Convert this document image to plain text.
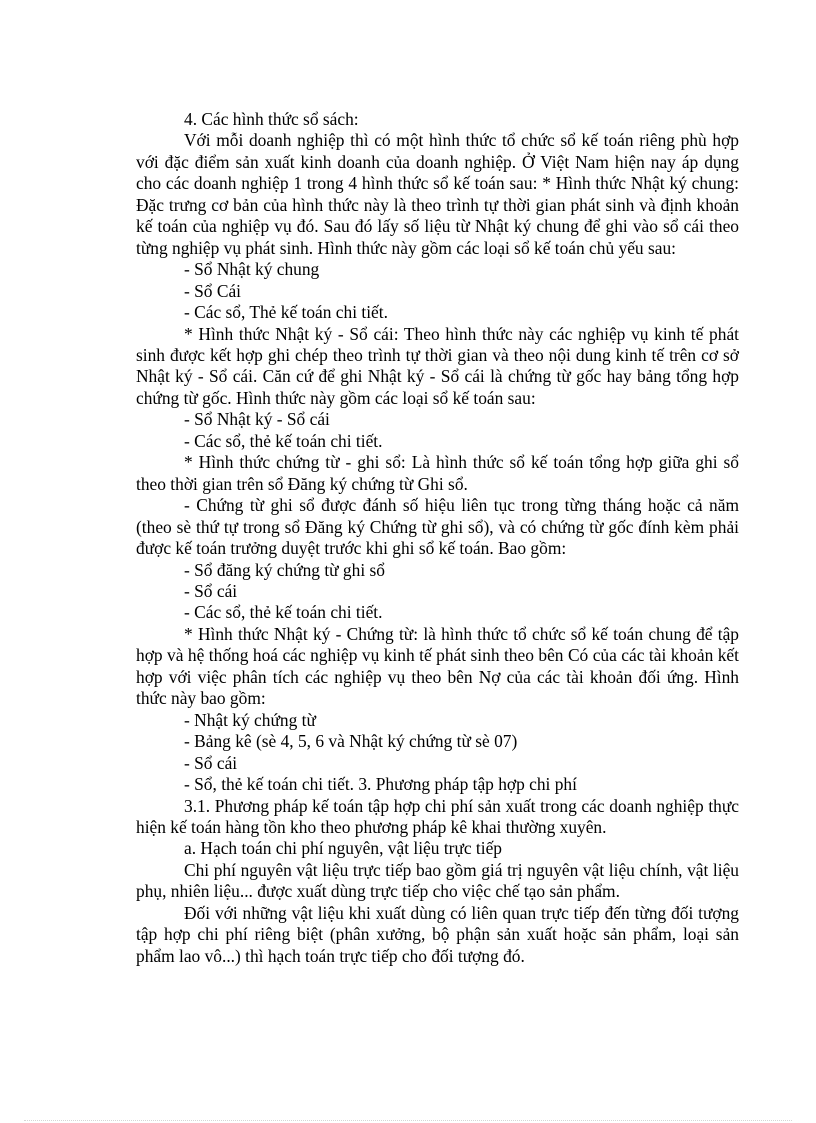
4. Các hình thức sổ sách:

Với mỗi doanh nghiệp thì có một hình thức tổ chức sổ kế toán riêng phù hợp với đặc điểm sản xuất kinh doanh của doanh nghiệp. Ở Việt Nam hiện nay áp dụng cho các doanh nghiệp 1 trong 4 hình thức sổ kế toán sau: * Hình thức Nhật ký chung: Đặc trưng cơ bản của hình thức này là theo trình tự thời gian phát sinh và định khoản kế toán của nghiệp vụ đó. Sau đó lấy số liệu từ Nhật ký chung để ghi vào sổ cái theo từng nghiệp vụ phát sinh. Hình thức này gồm các loại sổ kế toán chủ yếu sau:

- Sổ Nhật ký chung

- Sổ Cái

- Các sổ, Thẻ kế toán chi tiết.

* Hình thức Nhật ký - Sổ cái: Theo hình thức này các nghiệp vụ kinh tế phát sinh được kết hợp ghi chép theo trình tự thời gian và theo nội dung kinh tế trên cơ sở Nhật ký - Sổ cái. Căn cứ để ghi Nhật ký - Sổ cái là chứng từ gốc hay bảng tổng hợp chứng từ gốc. Hình thức này gồm các loại sổ kế toán sau:

- Sổ Nhật ký - Sổ cái

- Các sổ, thẻ kế toán chi tiết.

* Hình thức chứng từ - ghi sổ: Là hình thức sổ kế toán tổng hợp giữa ghi sổ theo thời gian trên sổ Đăng ký chứng từ Ghi sổ.

- Chứng từ ghi sổ được đánh số hiệu liên tục trong từng tháng hoặc cả năm (theo sè thứ tự trong sổ Đăng ký Chứng từ ghi sổ), và có chứng từ gốc đính kèm phải được kế toán trưởng duyệt trước khi ghi sổ kế toán. Bao gồm:

- Sổ đăng ký chứng từ ghi sổ

- Sổ cái

- Các sổ, thẻ kế toán chi tiết.

* Hình thức Nhật ký - Chứng từ: là hình thức tổ chức sổ kế toán chung để tập hợp và hệ thống hoá các nghiệp vụ kinh tế phát sinh theo bên Có của các tài khoản kết hợp với việc phân tích các nghiệp vụ theo bên Nợ của các tài khoản đối ứng. Hình thức này bao gồm:

- Nhật ký chứng từ

- Bảng kê (sè 4, 5, 6 và Nhật ký chứng từ sè 07)

- Sổ cái

- Sổ, thẻ kế toán chi tiết. 3. Phương pháp tập hợp chi phí

3.1. Phương pháp kế toán tập hợp chi phí sản xuất trong các doanh nghiệp thực hiện kế toán hàng tồn kho theo phương pháp kê khai thường xuyên.

a. Hạch toán chi phí nguyên, vật liệu trực tiếp

Chi phí nguyên vật liệu trực tiếp bao gồm giá trị nguyên vật liệu chính, vật liệu phụ, nhiên liệu... được xuất dùng trực tiếp cho việc chế tạo sản phẩm.

Đối với những vật liệu khi xuất dùng có liên quan trực tiếp đến từng đối tượng tập hợp chi phí riêng biệt (phân xưởng, bộ phận sản xuất hoặc sản phẩm, loại sản phẩm lao vô...) thì hạch toán trực tiếp cho đối tượng đó.
